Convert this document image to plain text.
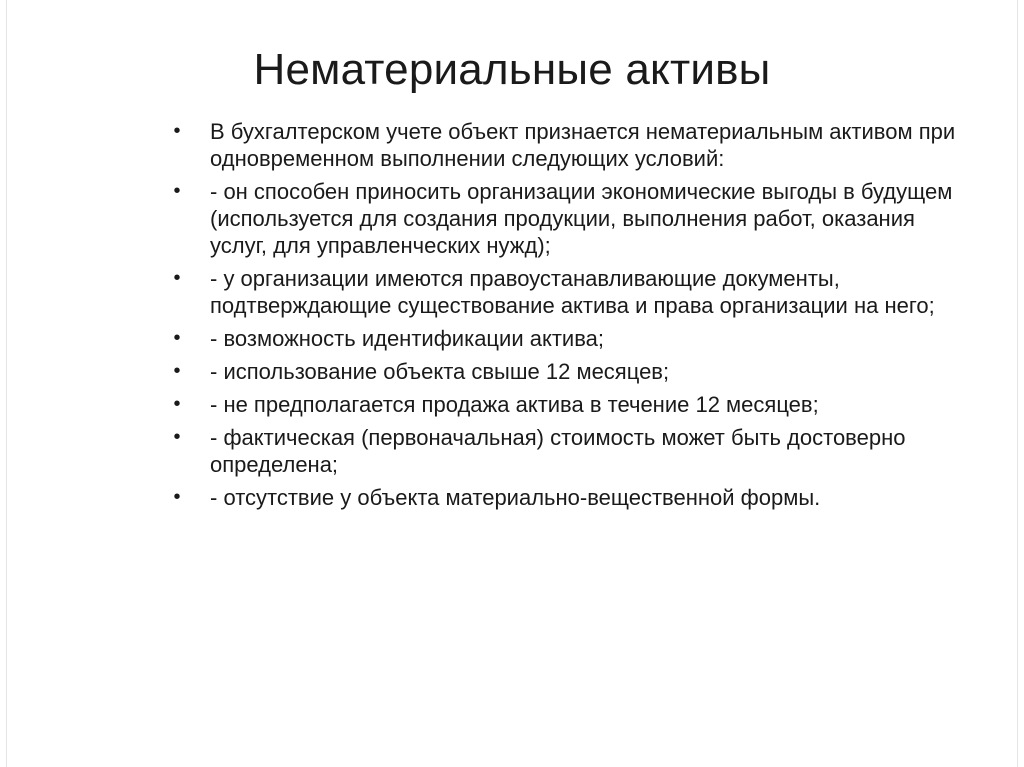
Нематериальные активы
• В бухгалтерском учете объект признается нематериальным активом при одновременном выполнении следующих условий:
• - он способен приносить организации экономические выгоды в будущем (используется для создания продукции, выполнения работ, оказания услуг, для управленческих нужд);
• - у организации имеются правоустанавливающие документы, подтверждающие существование актива и права организации на него;
• - возможность идентификации актива;
• - использование объекта свыше 12 месяцев;
• - не предполагается продажа актива в течение 12 месяцев;
• - фактическая (первоначальная) стоимость может быть достоверно определена;
• - отсутствие у объекта материально-вещественной формы.
